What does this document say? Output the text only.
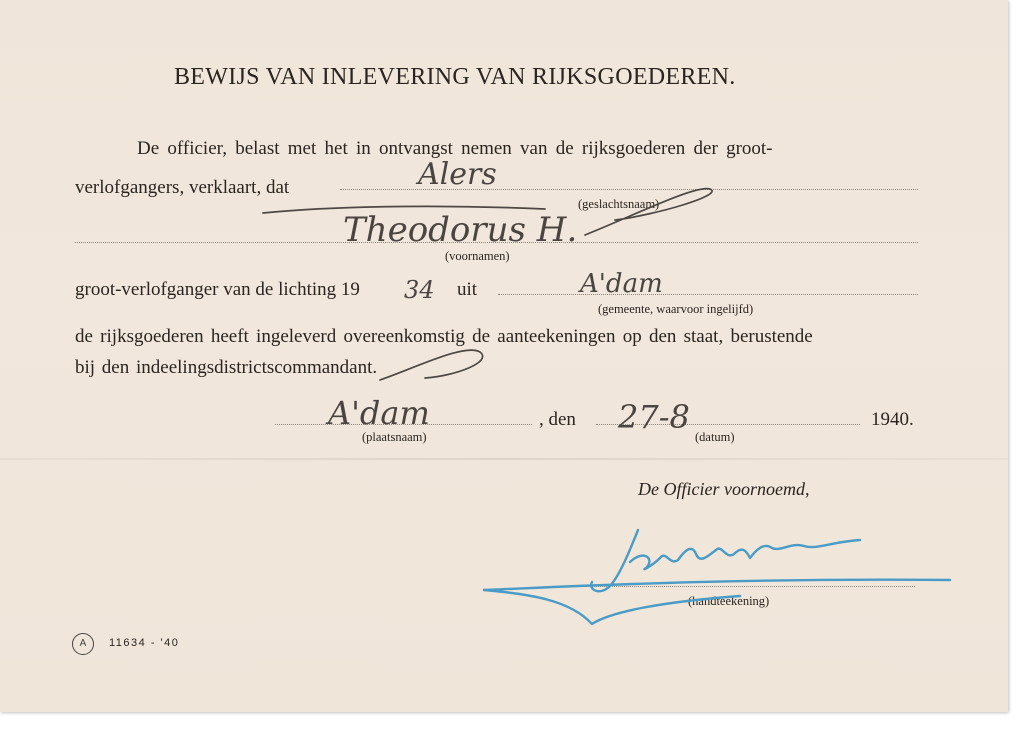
BEWIJS VAN INLEVERING VAN RIJKSGOEDEREN.
De officier, belast met het in ontvangst nemen van de rijksgoederen der groot-
verlofgangers, verklaart, dat
(geslachtsnaam)
Alers
(voornamen)
Theodorus H.
groot-verlofganger van de lichting 19 34 uit
(gemeente, waarvoor ingelijfd)
A'dam
de rijksgoederen heeft ingeleverd overeenkomstig de aanteekeningen op den staat, berustende
bij den indeelingsdistrictscommandant.
(plaatsnaam)
A'dam	, den
(datum)
27-8	1940.
De Officier voornoemd,
(handteekening)
A	11634 - '40
